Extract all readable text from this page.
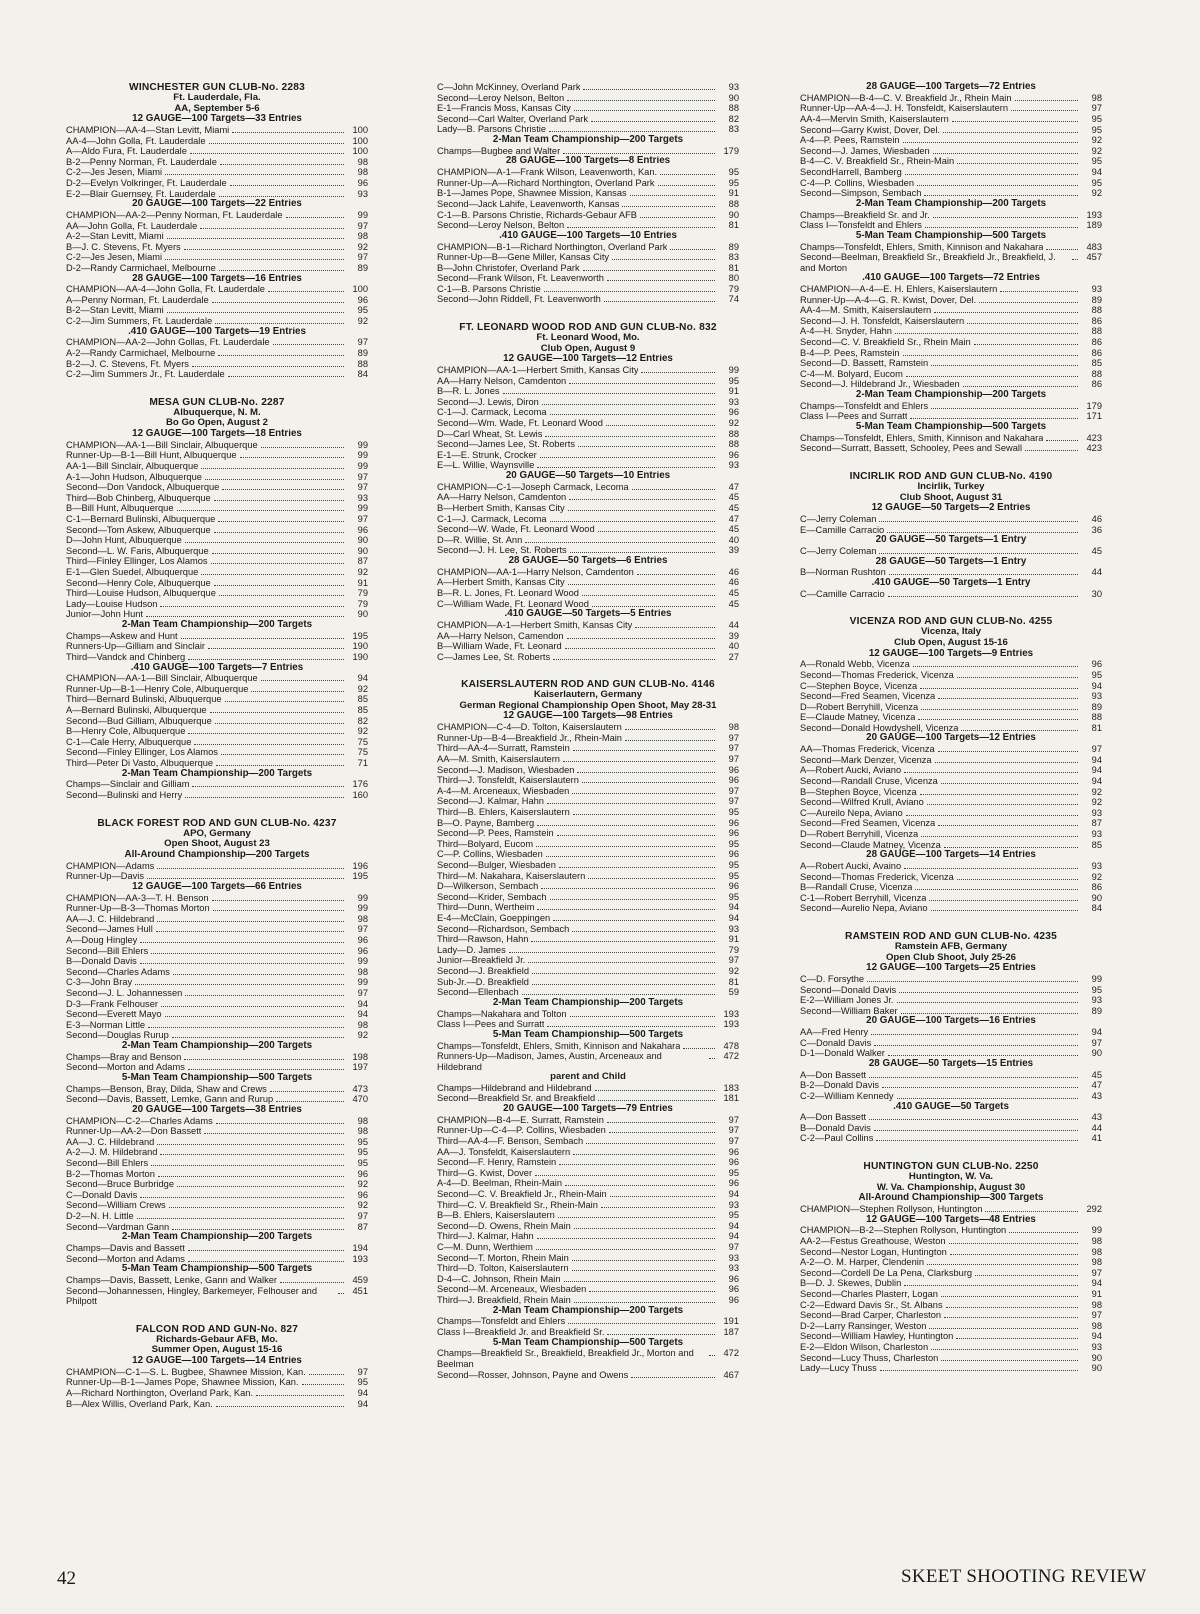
WINCHESTER GUN CLUB-No. 2283
Ft. Lauderdale, Fla.
AA, September 5-6
12 GAUGE—100 Targets—33 Entries
CHAMPION—AA-4—Stan Levitt, Miami	100
AA-4—John Golla, Ft. Lauderdale	100
A—Aldo Fura, Ft. Lauderdale	100
B-2—Penny Norman, Ft. Lauderdale	98
C-2—Jes Jesen, Miami	98
D-2—Evelyn Volkringer, Ft. Lauderdale	96
E-2—Blair Guernsey, Ft. Lauderdale	93
20 GAUGE—100 Targets—22 Entries
CHAMPION—AA-2—Penny Norman, Ft. Lauderdale	99
AA—John Golla, Ft. Lauderdale	97
A-2—Stan Levitt, Miami	98
B—J. C. Stevens, Ft. Myers	92
C-2—Jes Jesen, Miami	97
D-2—Randy Carmichael, Melbourne	89
28 GAUGE—100 Targets—16 Entries
CHAMPION—AA-4—John Golla, Ft. Lauderdale	100
A—Penny Norman, Ft. Lauderdale	96
B-2—Stan Levitt, Miami	95
C-2—Jim Summers, Ft. Lauderdale	92
.410 GAUGE—100 Targets—19 Entries
CHAMPION—AA-2—John Gollas, Ft. Lauderdale	97
A-2—Randy Carmichael, Melbourne	89
B-2—J. C. Stevens, Ft. Myers	88
C-2—Jim Summers Jr., Ft. Lauderdale	84
MESA GUN CLUB-No. 2287
Albuquerque, N. M.
Bo Go Open, August 2
12 GAUGE—100 Targets—18 Entries
CHAMPION—AA-1—Bill Sinclair, Albuquerque	99
Runner-Up—B-1—Bill Hunt, Albuquerque	99
AA-1—Bill Sinclair, Albuquerque	99
A-1—John Hudson, Albuquerque	97
Second—Don Vandock, Albuquerque	97
Third—Bob Chinberg, Albuquerque	93
B—Bill Hunt, Albuquerque	99
C-1—Bernard Bulinski, Albuquerque	97
Second—Tom Askew, Albuquerque	96
D—John Hunt, Albuquerque	90
Second—L. W. Faris, Albuquerque	90
Third—Finley Ellinger, Los Alamos	87
E-1—Glen Suedel, Albuquerque	92
Second—Henry Cole, Albuquerque	91
Third—Louise Hudson, Albuquerque	79
Lady—Louise Hudson	79
Junior—John Hunt	90
2-Man Team Championship—200 Targets
Champs—Askew and Hunt	195
Runners-Up—Gilliam and Sinclair	190
Third—Vandck and Chinberg	190
.410 GAUGE—100 Targets—7 Entries
CHAMPION—AA-1—Bill Sinclair, Albuquerque	94
Runner-Up—B-1—Henry Cole, Albuquerque	92
Third—Bernard Bulinski, Albuquerque	85
A—Bernard Bulinski, Albuquerque	85
Second—Bud Gilliam, Albuquerque	82
B—Henry Cole, Albuquerque	92
C-1—Cale Herry, Albuquerque	75
Second—Finley Ellinger, Los Alamos	75
Third—Peter Di Vasto, Albuquerque	71
2-Man Team Championship—200 Targets
Champs—Sinclair and Gilliam	176
Second—Bulinski and Herry	160
BLACK FOREST ROD AND GUN CLUB-No. 4237
APO, Germany
Open Shoot, August 23
All-Around Championship—200 Targets
CHAMPION—Adams	196
Runner-Up—Davis	195
12 GAUGE—100 Targets—66 Entries
CHAMPION—AA-3—T. H. Benson	99
Runner-Up—B-3—Thomas Morton	99
AA—J. C. Hildebrand	98
Second—James Hull	97
A—Doug Hingley	96
Second—Bill Ehlers	96
B—Donald Davis	99
Second—Charles Adams	98
C-3—John Bray	99
Second—J. L. Johannessen	97
D-3—Frank Felhouser	94
Second—Everett Mayo	94
E-3—Norman Little	98
Second—Douglas Rurup	92
2-Man Team Championship—200 Targets
Champs—Bray and Benson	198
Second—Morton and Adams	197
5-Man Team Championship—500 Targets
Champs—Benson, Bray, Dilda, Shaw and Crews	473
Second—Davis, Bassett, Lemke, Gann and Rurup	470
20 GAUGE—100 Targets—38 Entries
CHAMPION—C-2—Charles Adams	98
Runner-Up—AA-2—Don Bassett	98
AA—J. C. Hildebrand	95
A-2—J. M. Hildebrand	95
Second—Bill Ehlers	95
B-2—Thomas Morton	96
Second—Bruce Burbridge	92
C—Donald Davis	96
Second—William Crews	92
D-2—N. H. Little	97
Second—Vardman Gann	87
2-Man Team Championship—200 Targets
Champs—Davis and Bassett	194
Second—Morton and Adams	193
5-Man Team Championship—500 Targets
Champs—Davis, Bassett, Lenke, Gann and Walker	459
Second—Johannessen, Hingley, Barkemeyer, Felhouser and Philpott
451
FALCON ROD AND GUN-No. 827
Richards-Gebaur AFB, Mo.
Summer Open, August 15-16
12 GAUGE—100 Targets—14 Entries
CHAMPION—C-1—S. L. Bugbee, Shawnee Mission, Kan.	97
Runner-Up—B-1—James Pope, Shawnee Mission, Kan.	95
A—Richard Northington, Overland Park, Kan.	94
B—Alex Willis, Overland Park, Kan.	94
C—John McKinney, Overland Park	93
Second—Leroy Nelson, Belton	90
E-1—Francis Moss, Kansas City	88
Second—Carl Walter, Overland Park	82
Lady—B. Parsons Christie	83
2-Man Team Championship—200 Targets
Champs—Bugbee and Walter	179
28 GAUGE—100 Targets—8 Entries
CHAMPION—A-1—Frank Wilson, Leavenworth, Kan.	95
Runner-Up—A—Richard Northington, Overland Park	95
B-1—James Pope, Shawnee Mission, Kansas	91
Second—Jack Lahife, Leavenworth, Kansas	88
C-1—B. Parsons Christie, Richards-Gebaur AFB	90
Second—Leroy Nelson, Belton	81
.410 GAUGE—100 Targets—10 Entries
CHAMPION—B-1—Richard Northington, Overland Park	89
Runner-Up—B—Gene Miller, Kansas City	83
B—John Christofer, Overland Park	81
Second—Frank Wilson, Ft. Leavenworth	80
C-1—B. Parsons Christie	79
Second—John Riddell, Ft. Leavenworth	74
FT. LEONARD WOOD ROD AND GUN CLUB-No. 832
Ft. Leonard Wood, Mo.
Club Open, August 9
12 GAUGE—100 Targets—12 Entries
CHAMPION—AA-1—Herbert Smith, Kansas City	99
AA—Harry Nelson, Camdenton	95
B—R. L. Jones	91
Second—J. Lewis, Diron	93
C-1—J. Carmack, Lecoma	96
Second—Wm. Wade, Ft. Leonard Wood	92
D—Carl Wheat, St. Lewis	88
Second—James Lee, St. Roberts	88
E-1—E. Strunk, Crocker	96
E—L. Willie, Waynsville	93
20 GAUGE—50 Targets—10 Entries
CHAMPION—C-1—Joseph Carmack, Lecoma	47
AA—Harry Nelson, Camdenton	45
B—Herbert Smith, Kansas City	45
C-1—J. Carmack, Lecoma	47
Second—W. Wade, Ft. Leonard Wood	45
D—R. Willie, St. Ann	40
Second—J. H. Lee, St. Roberts	39
28 GAUGE—50 Targets—6 Entries
CHAMPION—AA-1—Harry Nelson, Camdenton	46
A—Herbert Smith, Kansas City	46
B—R. L. Jones, Ft. Leonard Wood	45
C—William Wade, Ft. Leonard Wood	45
.410 GAUGE—50 Targets—5 Entries
CHAMPION—A-1—Herbert Smith, Kansas City	44
AA—Harry Nelson, Camendon	39
B—William Wade, Ft. Leonard	40
C—James Lee, St. Roberts	27
KAISERSLAUTERN ROD AND GUN CLUB-No. 4146
Kaiserlautern, Germany
German Regional Championship Open Shoot, May 28-31
12 GAUGE—100 Targets—98 Entries
CHAMPION—C-4—D. Tolton, Kaiserslautern	98
Runner-Up—B-4—Breakfield Jr., Rhein-Main	97
Third—AA-4—Surratt, Ramstein	97
AA—M. Smith, Kaiserslautern	97
Second—J. Madison, Wiesbaden	96
Third—J. Tonsfeldt, Kaiserslautern	96
A-4—M. Arceneaux, Wiesbaden	97
Second—J. Kalmar, Hahn	97
Third—B. Ehlers, Kaiserslautern	95
B—O. Payne, Bamberg	96
Second—P. Pees, Ramstein	96
Third—Bolyard, Eucom	95
C—P. Collins, Wiesbaden	96
Second—Bulger, Wiesbaden	95
Third—M. Nakahara, Kaiserslautern	95
D—Wilkerson, Sembach	96
Second—Krider, Sembach	95
Third—Dunn, Wertheim	94
E-4—McClain, Goeppingen	94
Second—Richardson, Sembach	93
Third—Rawson, Hahn	91
Lady—D. James	79
Junior—Breakfield Jr.	97
Second—J. Breakfield	92
Sub-Jr.—D. Breakfield	81
Second—Ellenbach	59
2-Man Team Championship—200 Targets
Champs—Nakahara and Tolton	193
Class I—Pees and Surratt	193
5-Man Team Championship—500 Targets
Champs—Tonsfeldt, Ehlers, Smith, Kinnison and Nakahara	478
Runners-Up—Madison, James, Austin, Arceneaux and Hildebrand
472
parent and Child
Champs—Hildebrand and Hildebrand	183
Second—Breakfield Sr. and Breakfield	181
20 GAUGE—100 Targets—79 Entries
CHAMPION—B-4—E. Surratt, Ramstein	97
Runner-Up—C-4—P. Collins, Wiesbaden	97
Third—AA-4—F. Benson, Sembach	97
AA—J. Tonsfeldt, Kaiserslautern	96
Second—F. Henry, Ramstein	96
Third—G. Kwist, Dover	95
A-4—D. Beelman, Rhein-Main	96
Second—C. V. Breakfield Jr., Rhein-Main	94
Third—C. V. Breakfield Sr., Rhein-Main	93
B—B. Ehlers, Kaiserslautern	95
Second—D. Owens, Rhein Main	94
Third—J. Kalmar, Hahn	94
C—M. Dunn, Werthiem	97
Second—T. Morton, Rhein Main	93
Third—D. Tolton, Kaiserslautern	93
D-4—C. Johnson, Rhein Main	96
Second—M. Arceneaux, Wiesbaden	96
Third—J. Breakfield, Rhein Main	96
2-Man Team Championship—200 Targets
Champs—Tonsfeldt and Ehlers	191
Class I—Breakfield Jr. and Breakfield Sr.	187
5-Man Team Championship—500 Targets
Champs—Breakfield Sr., Breakfield, Breakfield Jr., Morton and Beelman
472
Second—Rosser, Johnson, Payne and Owens	467
28 GAUGE—100 Targets—72 Entries
CHAMPION—B-4—C. V. Breakfield Jr., Rhein Main	98
Runner-Up—AA-4—J. H. Tonsfeldt, Kaiserslautern	97
AA-4—Mervin Smith, Kaiserslautern	95
Second—Garry Kwist, Dover, Del.	95
A-4—P. Pees, Ramstein	92
Second—J. James, Wiesbaden	92
B-4—C. V. Breakfield Sr., Rhein-Main	95
SecondHarrell, Bamberg	94
C-4—P. Collins, Wiesbaden	95
Second—Simpson, Sembach	92
2-Man Team Championship—200 Targets
Champs—Breakfield Sr. and Jr.	193
Class I—Tonsfeldt and Ehlers	189
5-Man Team Championship—500 Targets
Champs—Tonsfeldt, Ehlers, Smith, Kinnison and Nakahara	483
Second—Beelman, Breakfield Sr., Breakfield Jr., Breakfield, J. and Morton
457
.410 GAUGE—100 Targets—72 Entries
CHAMPION—A-4—E. H. Ehlers, Kaiserslautern	93
Runner-Up—A-4—G. R. Kwist, Dover, Del.	89
AA-4—M. Smith, Kaiserslautern	88
Second—J. H. Tonsfeldt, Kaiserslautern	86
A-4—H. Snyder, Hahn	88
Second—C. V. Breakfield Sr., Rhein Main	86
B-4—P. Pees, Ramstein	86
Second—D. Bassett, Ramstein	85
C-4—M. Bolyard, Eucom	88
Second—J. Hildebrand Jr., Wiesbaden	86
2-Man Team Championship—200 Targets
Champs—Tonsfeldt and Ehlers	179
Class I—Pees and Surratt	171
5-Man Team Championship—500 Targets
Champs—Tonsfeldt, Ehlers, Smith, Kinnison and Nakahara	423
Second—Surratt, Bassett, Schooley, Pees and Sewall	423
INCIRLIK ROD AND GUN CLUB-No. 4190
Incirlik, Turkey
Club Shoot, August 31
12 GAUGE—50 Targets—2 Entries
C—Jerry Coleman	46
E—Camille Carracio	36
20 GAUGE—50 Targets—1 Entry
C—Jerry Coleman	45
28 GAUGE—50 Targets—1 Entry
B—Norman Rushton	44
.410 GAUGE—50 Targets—1 Entry
C—Camille Carracio	30
VICENZA ROD AND GUN CLUB-No. 4255
Vicenza, Italy
Club Open, August 15-16
12 GAUGE—100 Targets—9 Entries
A—Ronald Webb, Vicenza	96
Second—Thomas Frederick, Vicenza	95
C—Stephen Boyce, Vicenza	94
Second—Fred Seamen, Vicenza	93
D—Robert Berryhill, Vicenza	89
E—Claude Matney, Vicenza	88
Second—Donald Howdyshell, Vicenza	81
20 GAUGE—100 Targets—12 Entries
AA—Thomas Frederick, Vicenza	97
Second—Mark Denzer, Vicenza	94
A—Robert Aucki, Aviano	94
Second—Randall Cruse, Vicenza	94
B—Stephen Boyce, Vicenza	92
Second—Wilfred Krull, Aviano	92
C—Aureilo Nepa, Aviano	93
Second—Fred Seamen, Vicenza	87
D—Robert Berryhill, Vicenza	93
Second—Claude Matney, Vicenza	85
28 GAUGE—100 Targets—14 Entries
A—Robert Aucki, Avaino	93
Second—Thomas Frederick, Vicenza	92
B—Randall Cruse, Vicenza	86
C-1—Robert Berryhill, Vicenza	90
Second—Aurelio Nepa, Aviano	84
RAMSTEIN ROD AND GUN CLUB-No. 4235
Ramstein AFB, Germany
Open Club Shoot, July 25-26
12 GAUGE—100 Targets—25 Entries
C—D. Forsythe	99
Second—Donald Davis	95
E-2—William Jones Jr.	93
Second—William Baker	89
20 GAUGE—100 Targets—16 Entries
AA—Fred Henry	94
C—Donald Davis	97
D-1—Donald Walker	90
28 GAUGE—50 Targets—15 Entries
A—Don Bassett	45
B-2—Donald Davis	47
C-2—William Kennedy	43
.410 GAUGE—50 Targets
A—Don Bassett	43
B—Donald Davis	44
C-2—Paul Collins	41
HUNTINGTON GUN CLUB-No. 2250
Huntington, W. Va.
W. Va. Championship, August 30
All-Around Championship—300 Targets
CHAMPION—Stephen Rollyson, Huntington	292
12 GAUGE—100 Targets—48 Entries
CHAMPION—B-2—Stephen Rollyson, Huntington	99
AA-2—Festus Greathouse, Weston	98
Second—Nestor Logan, Huntington	98
A-2—O. M. Harper, Clendenin	98
Second—Cordell De La Pena, Clarksburg	97
B—D. J. Skewes, Dublin	94
Second—Charles Plasterr, Logan	91
C-2—Edward Davis Sr., St. Albans	98
Second—Brad Carper, Charleston	97
D-2—Larry Ransinger, Weston	98
Second—William Hawley, Huntington	94
E-2—Eldon Wilson, Charleston	93
Second—Lucy Thuss, Charleston	90
Lady—Lucy Thuss	90
42	SKEET SHOOTING REVIEW
